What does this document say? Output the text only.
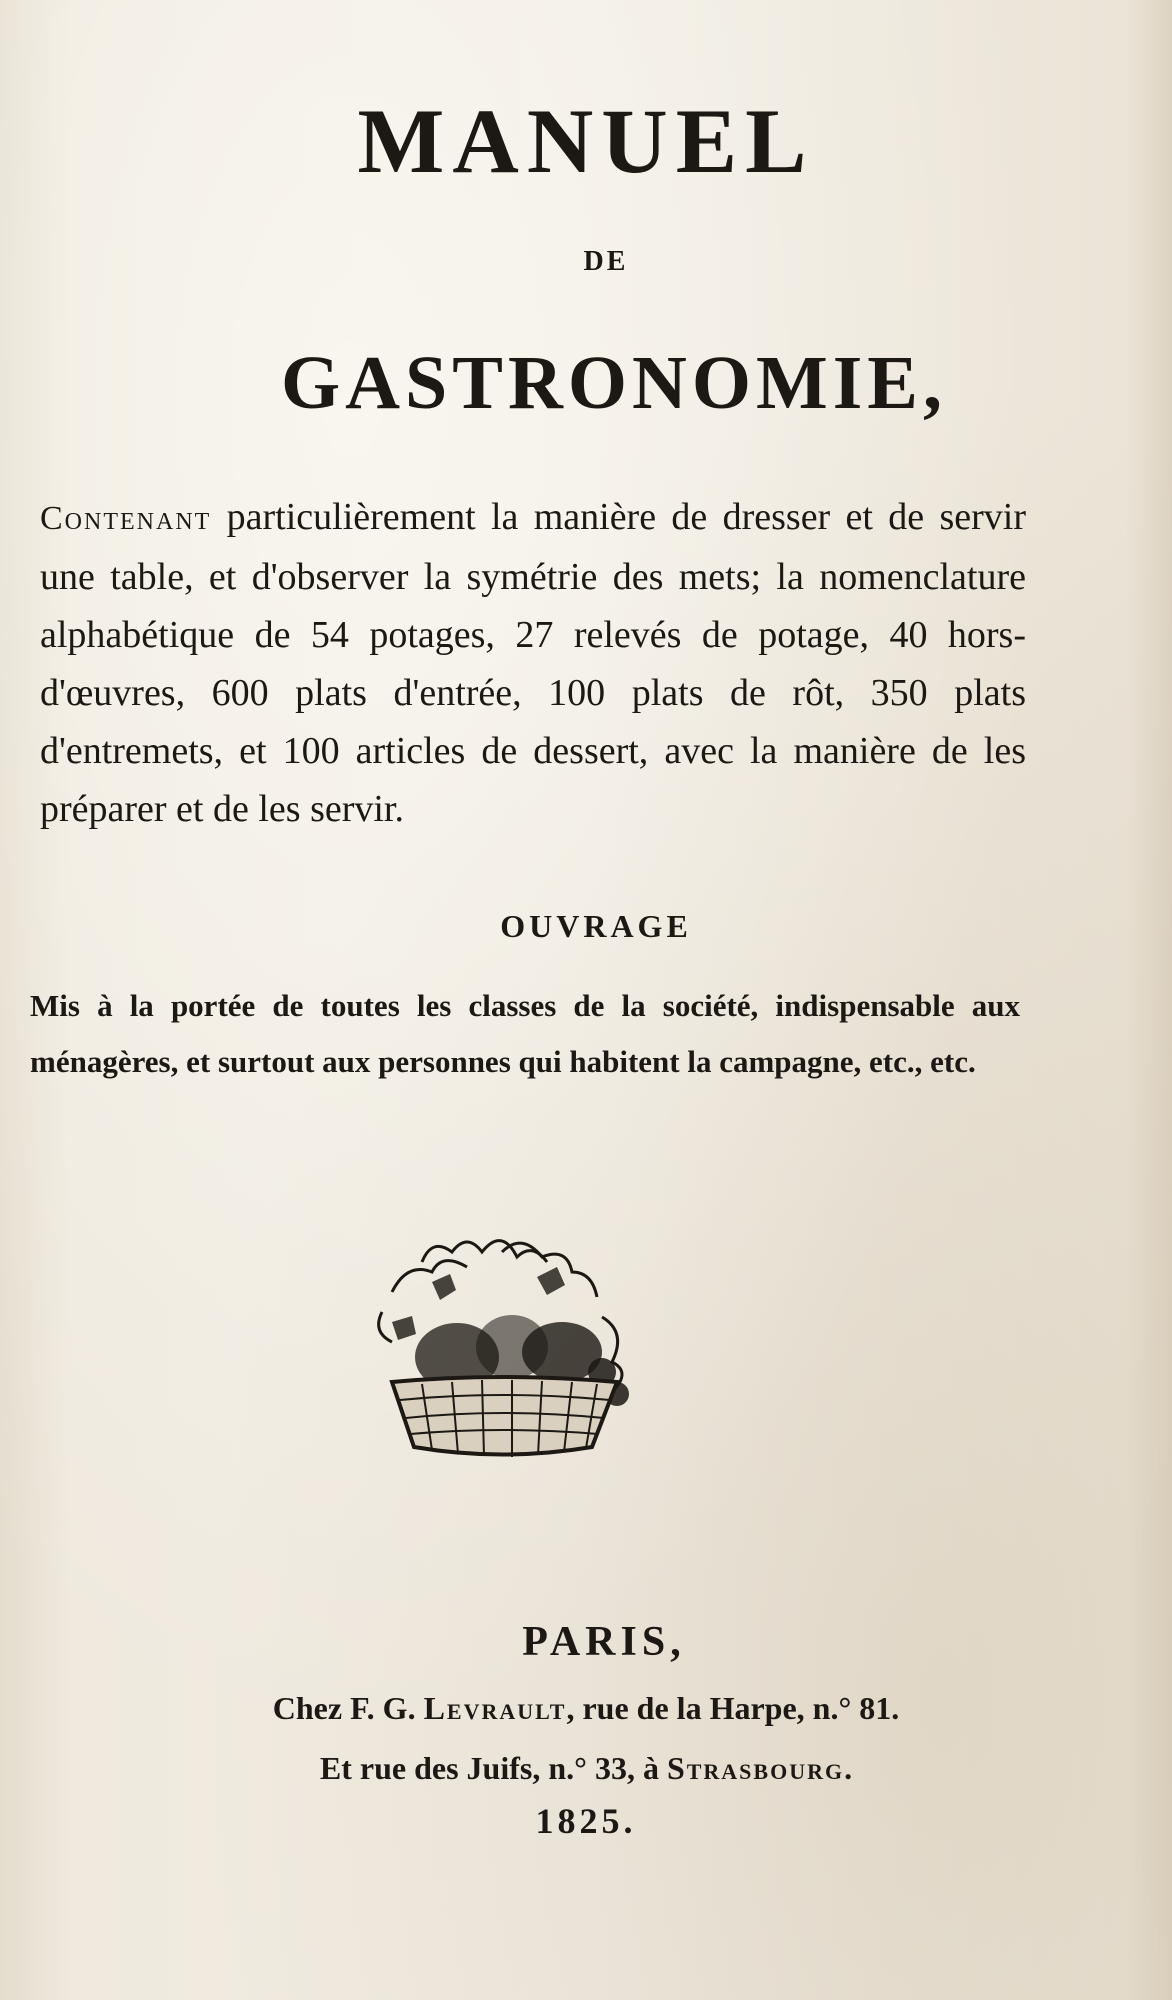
MANUEL
DE
GASTRONOMIE,
Contenant particulièrement la manière de dresser et de servir une table, et d'observer la symétrie des mets; la nomenclature alphabétique de 54 potages, 27 relevés de potage, 40 hors-d'œuvres, 600 plats d'entrée, 100 plats de rôt, 350 plats d'entremets, et 100 articles de dessert, avec la manière de les préparer et de les servir.
OUVRAGE
Mis à la portée de toutes les classes de la société, indispensable aux ménagères, et surtout aux personnes qui habitent la campagne, etc., etc.
PARIS,
Chez F. G. Levrault, rue de la Harpe, n.° 81.
Et rue des Juifs, n.° 33, à Strasbourg.
1825.
